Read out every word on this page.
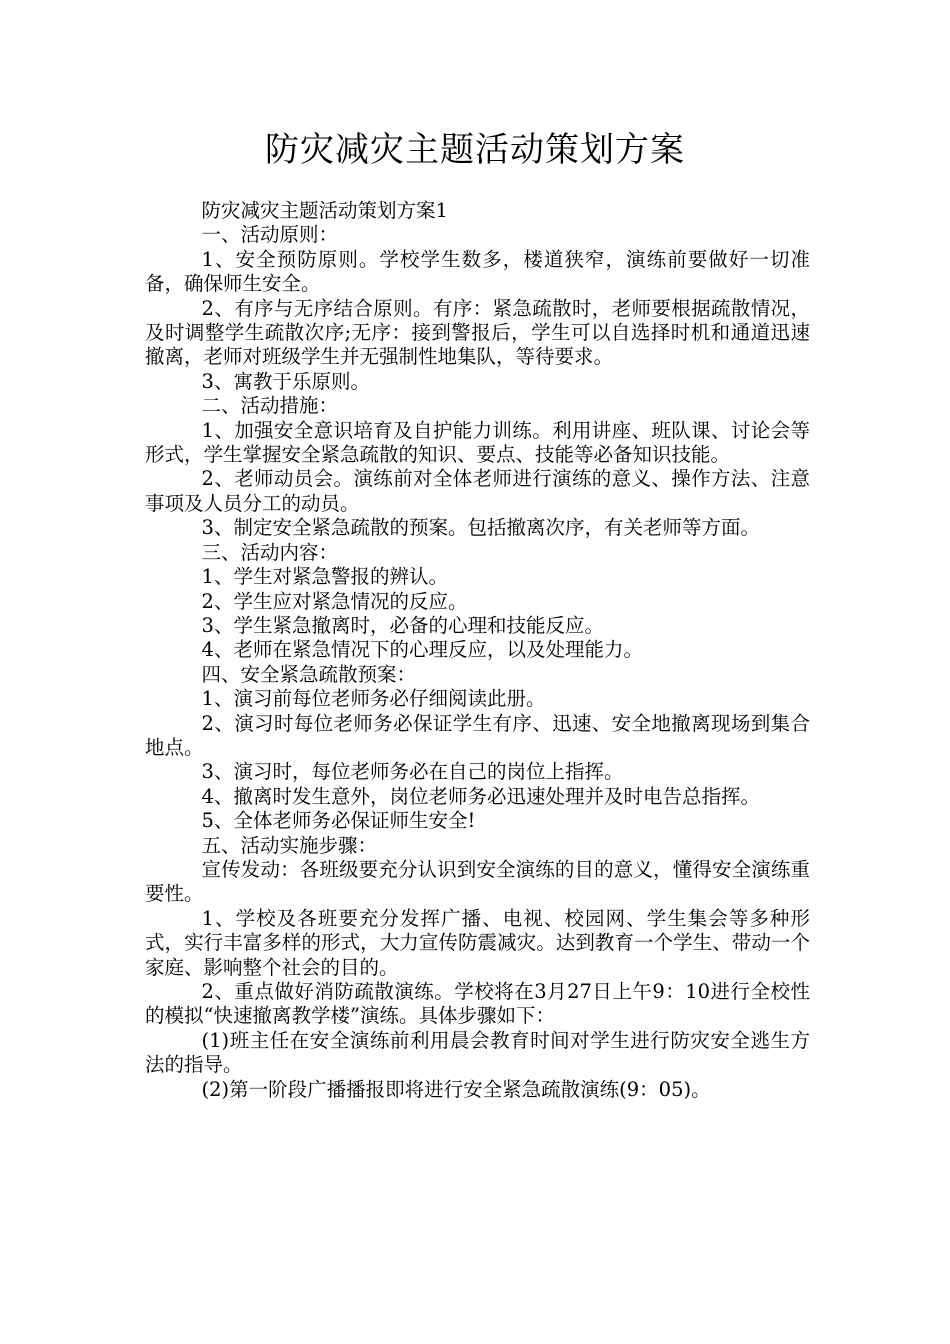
防灾减灾主题活动策划方案

防灾减灾主题活动策划方案1

一、活动原则：

1、安全预防原则。学校学生数多，楼道狭窄，演练前要做好一切准备，确保师生安全。

2、有序与无序结合原则。有序：紧急疏散时，老师要根据疏散情况，及时调整学生疏散次序;无序：接到警报后，学生可以自选择时机和通道迅速撤离，老师对班级学生并无强制性地集队，等待要求。

3、寓教于乐原则。

二、活动措施：

1、加强安全意识培育及自护能力训练。利用讲座、班队课、讨论会等形式，学生掌握安全紧急疏散的知识、要点、技能等必备知识技能。

2、老师动员会。演练前对全体老师进行演练的意义、操作方法、注意事项及人员分工的动员。

3、制定安全紧急疏散的预案。包括撤离次序，有关老师等方面。

三、活动内容：

1、学生对紧急警报的辨认。

2、学生应对紧急情况的反应。

3、学生紧急撤离时，必备的心理和技能反应。

4、老师在紧急情况下的心理反应，以及处理能力。

四、安全紧急疏散预案：

1、演习前每位老师务必仔细阅读此册。

2、演习时每位老师务必保证学生有序、迅速、安全地撤离现场到集合地点。

3、演习时，每位老师务必在自己的岗位上指挥。

4、撤离时发生意外，岗位老师务必迅速处理并及时电告总指挥。

5、全体老师务必保证师生安全!

五、活动实施步骤：

宣传发动：各班级要充分认识到安全演练的目的意义，懂得安全演练重要性。

1、学校及各班要充分发挥广播、电视、校园网、学生集会等多种形式，实行丰富多样的形式，大力宣传防震减灾。达到教育一个学生、带动一个家庭、影响整个社会的目的。

2、重点做好消防疏散演练。学校将在3月27日上午9：10进行全校性的模拟“快速撤离教学楼”演练。具体步骤如下：

(1)班主任在安全演练前利用晨会教育时间对学生进行防灾安全逃生方法的指导。

(2)第一阶段广播播报即将进行安全紧急疏散演练(9：05)。
